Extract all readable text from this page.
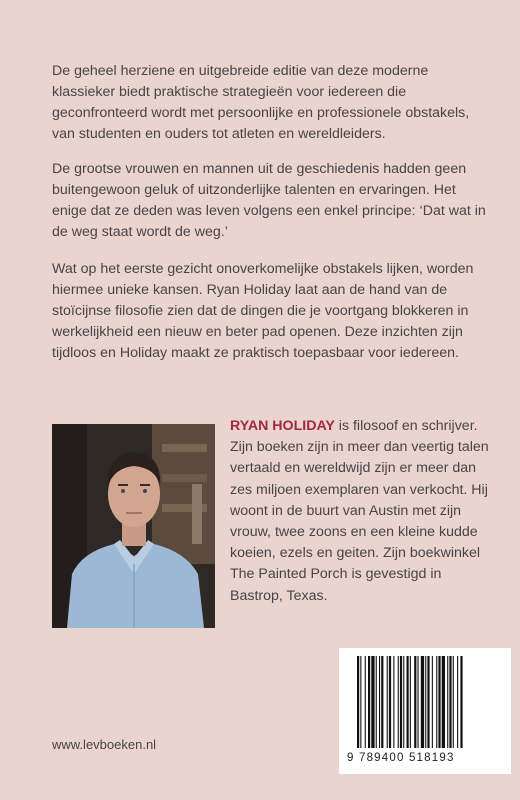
De geheel herziene en uitgebreide editie van deze moderne klassieker biedt praktische strategieën voor iedereen die geconfronteerd wordt met persoonlijke en professionele obstakels, van studenten en ouders tot atleten en wereldleiders.

De grootse vrouwen en mannen uit de geschiedenis hadden geen buitengewoon geluk of uitzonderlijke talenten en ervaringen. Het enige dat ze deden was leven volgens een enkel principe: ‘Dat wat in de weg staat wordt de weg.’

Wat op het eerste gezicht onoverkomelijke obstakels lijken, worden hiermee unieke kansen. Ryan Holiday laat aan de hand van de stoïcijnse filosofie zien dat de dingen die je voortgang blokkeren in werkelijkheid een nieuw en beter pad openen. Deze inzichten zijn tijdloos en Holiday maakt ze praktisch toepasbaar voor iedereen.

RYAN HOLIDAY is filosoof en schrijver. Zijn boeken zijn in meer dan veertig talen vertaald en wereldwijd zijn er meer dan zes miljoen exemplaren van verkocht. Hij woont in de buurt van Austin met zijn vrouw, twee zoons en een kleine kudde koeien, ezels en geiten. Zijn boekwinkel The Painted Porch is gevestigd in Bastrop, Texas.

9 789400 518193
www.levboeken.nl
